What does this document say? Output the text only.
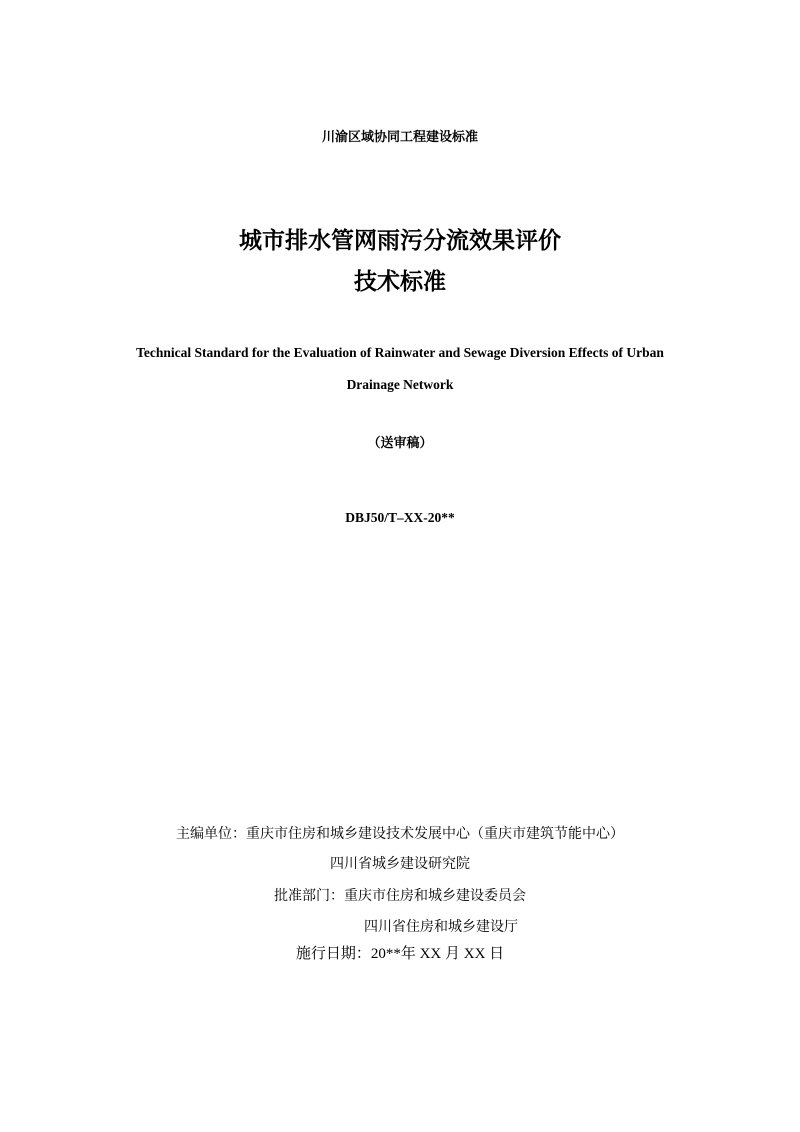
川渝区域协同工程建设标准
城市排水管网雨污分流效果评价
技术标准
Technical Standard for the Evaluation of Rainwater and Sewage Diversion Effects of Urban
Drainage Network
（送审稿）
DBJ50/T–XX-20**
主编单位：重庆市住房和城乡建设技术发展中心（重庆市建筑节能中心）
四川省城乡建设研究院
批准部门：重庆市住房和城乡建设委员会
四川省住房和城乡建设厅
施行日期：20**年 XX 月 XX 日
